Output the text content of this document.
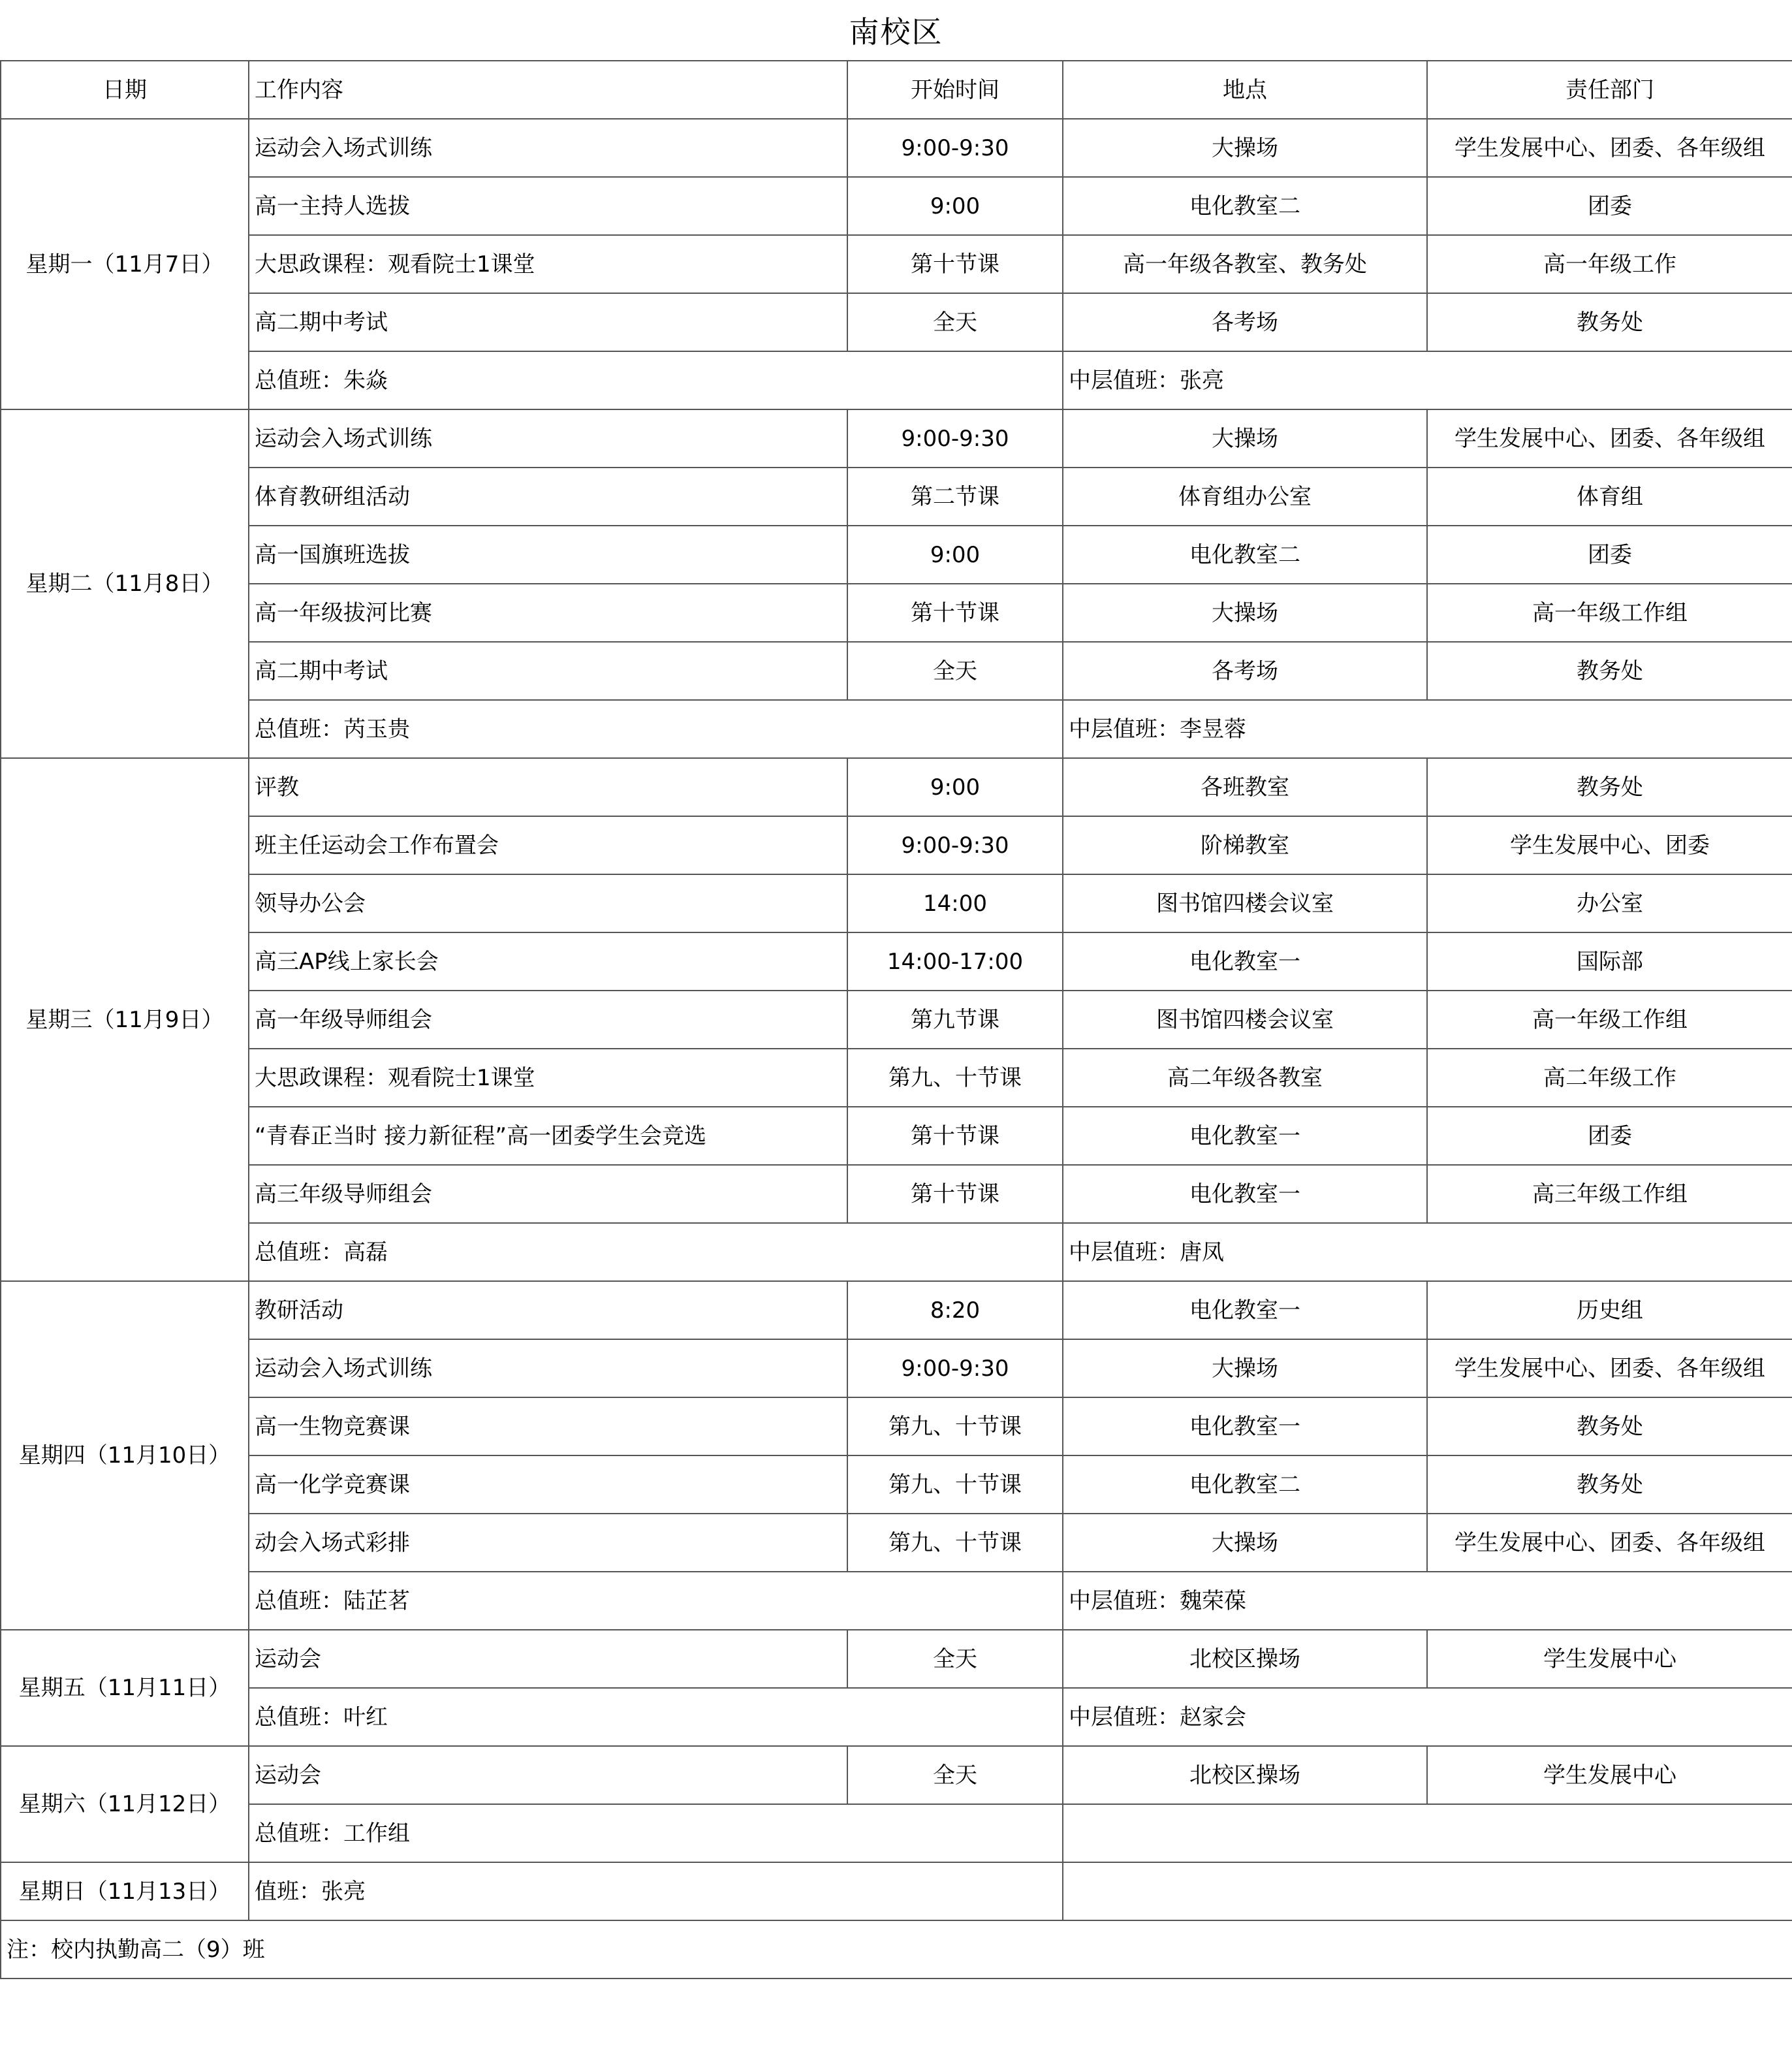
南校区
日期	工作内容	开始时间	地点	责任部门
星期一（11月7日）	运动会入场式训练	9:00-9:30	大操场	学生发展中心、团委、各年级组
	高一主持人选拔	9:00	电化教室二	团委
	大思政课程：观看院士1课堂	第十节课	高一年级各教室、教务处	高一年级工作
	高二期中考试	全天	各考场	教务处
	总值班：朱焱		中层值班：张亮	
星期二（11月8日）	运动会入场式训练	9:00-9:30	大操场	学生发展中心、团委、各年级组
	体育教研组活动	第二节课	体育组办公室	体育组
	高一国旗班选拔	9:00	电化教室二	团委
	高一年级拔河比赛	第十节课	大操场	高一年级工作组
	高二期中考试	全天	各考场	教务处
	总值班：芮玉贵		中层值班：李昱蓉	
星期三（11月9日）	评教	9:00	各班教室	教务处
	班主任运动会工作布置会	9:00-9:30	阶梯教室	学生发展中心、团委
	领导办公会	14:00	图书馆四楼会议室	办公室
	高三AP线上家长会	14:00-17:00	电化教室一	国际部
	高一年级导师组会	第九节课	图书馆四楼会议室	高一年级工作组
	大思政课程：观看院士1课堂	第九、十节课	高二年级各教室	高二年级工作
	“青春正当时 接力新征程”高一团委学生会竞选	第十节课	电化教室一	团委
	高三年级导师组会	第十节课	电化教室一	高三年级工作组
	总值班：高磊		中层值班：唐凤	
星期四（11月10日）	教研活动	8:20	电化教室一	历史组
	运动会入场式训练	9:00-9:30	大操场	学生发展中心、团委、各年级组
	高一生物竞赛课	第九、十节课	电化教室一	教务处
	高一化学竞赛课	第九、十节课	电化教室二	教务处
	动会入场式彩排	第九、十节课	大操场	学生发展中心、团委、各年级组
	总值班：陆芷茗		中层值班：魏荣葆	
星期五（11月11日）	运动会	全天	北校区操场	学生发展中心
	总值班：叶红		中层值班：赵家会	
星期六（11月12日）	运动会	全天	北校区操场	学生发展中心
	总值班：工作组			
星期日（11月13日）	值班：张亮			
注：校内执勤高二（9）班				
